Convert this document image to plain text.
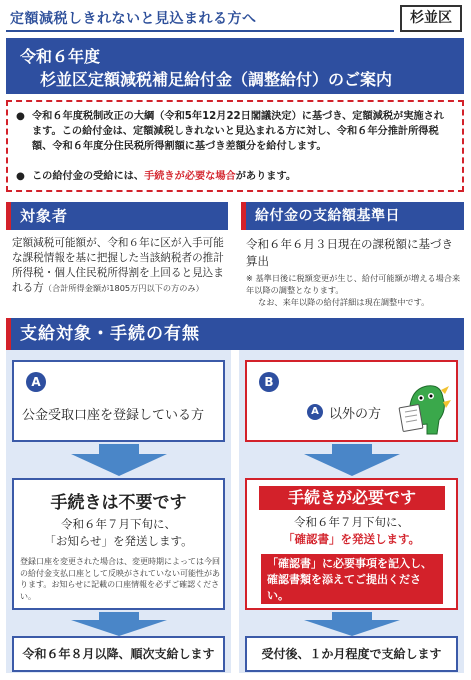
定額減税しきれないと見込まれる方へ	杉並区
令和６年度
杉並区定額減税補足給付金（調整給付）のご案内
● 令和６年度税制改正の大綱（令和5年12月22日閣議決定）に基づき、定額減税が実施されます。この給付金は、定額減税しきれないと見込まれる方に対し、令和６年分推計所得税額、令和６年度分住民税所得割額に基づき差額分を給付します。
● この給付金の受給には、手続きが必要な場合があります。
対象者
定額減税可能額が、令和６年に区が入手可能な課税情報を基に把握した当該納税者の推計所得税・個人住民税所得割を上回ると見込まれる方（合計所得金額が1805万円以下の方のみ）
給付金の支給額基準日
令和６年６月３日現在の課税額に基づき算出
※ 基準日後に税額変更が生じ、給付可能額が増える場合来年以降の調整となります。
なお、来年以降の給付詳細は現在調整中です。
支給対象・手続の有無
A
公金受取口座を登録している方
B
A 以外の方
手続きは不要です
令和６年７月下旬に、
「お知らせ」を発送します。
登録口座を変更された場合は、変更時期によっては今回の給付金支払口座として反映がされていない可能性があります。お知らせに記載の口座情報を必ずご確認ください。
手続きが必要です
令和６年７月下旬に、
「確認書」を発送します。
「確認書」に必要事項を記入し、確認書類を添えてご提出ください。
令和６年８月以降、順次支給します	受付後、１か月程度で支給します
